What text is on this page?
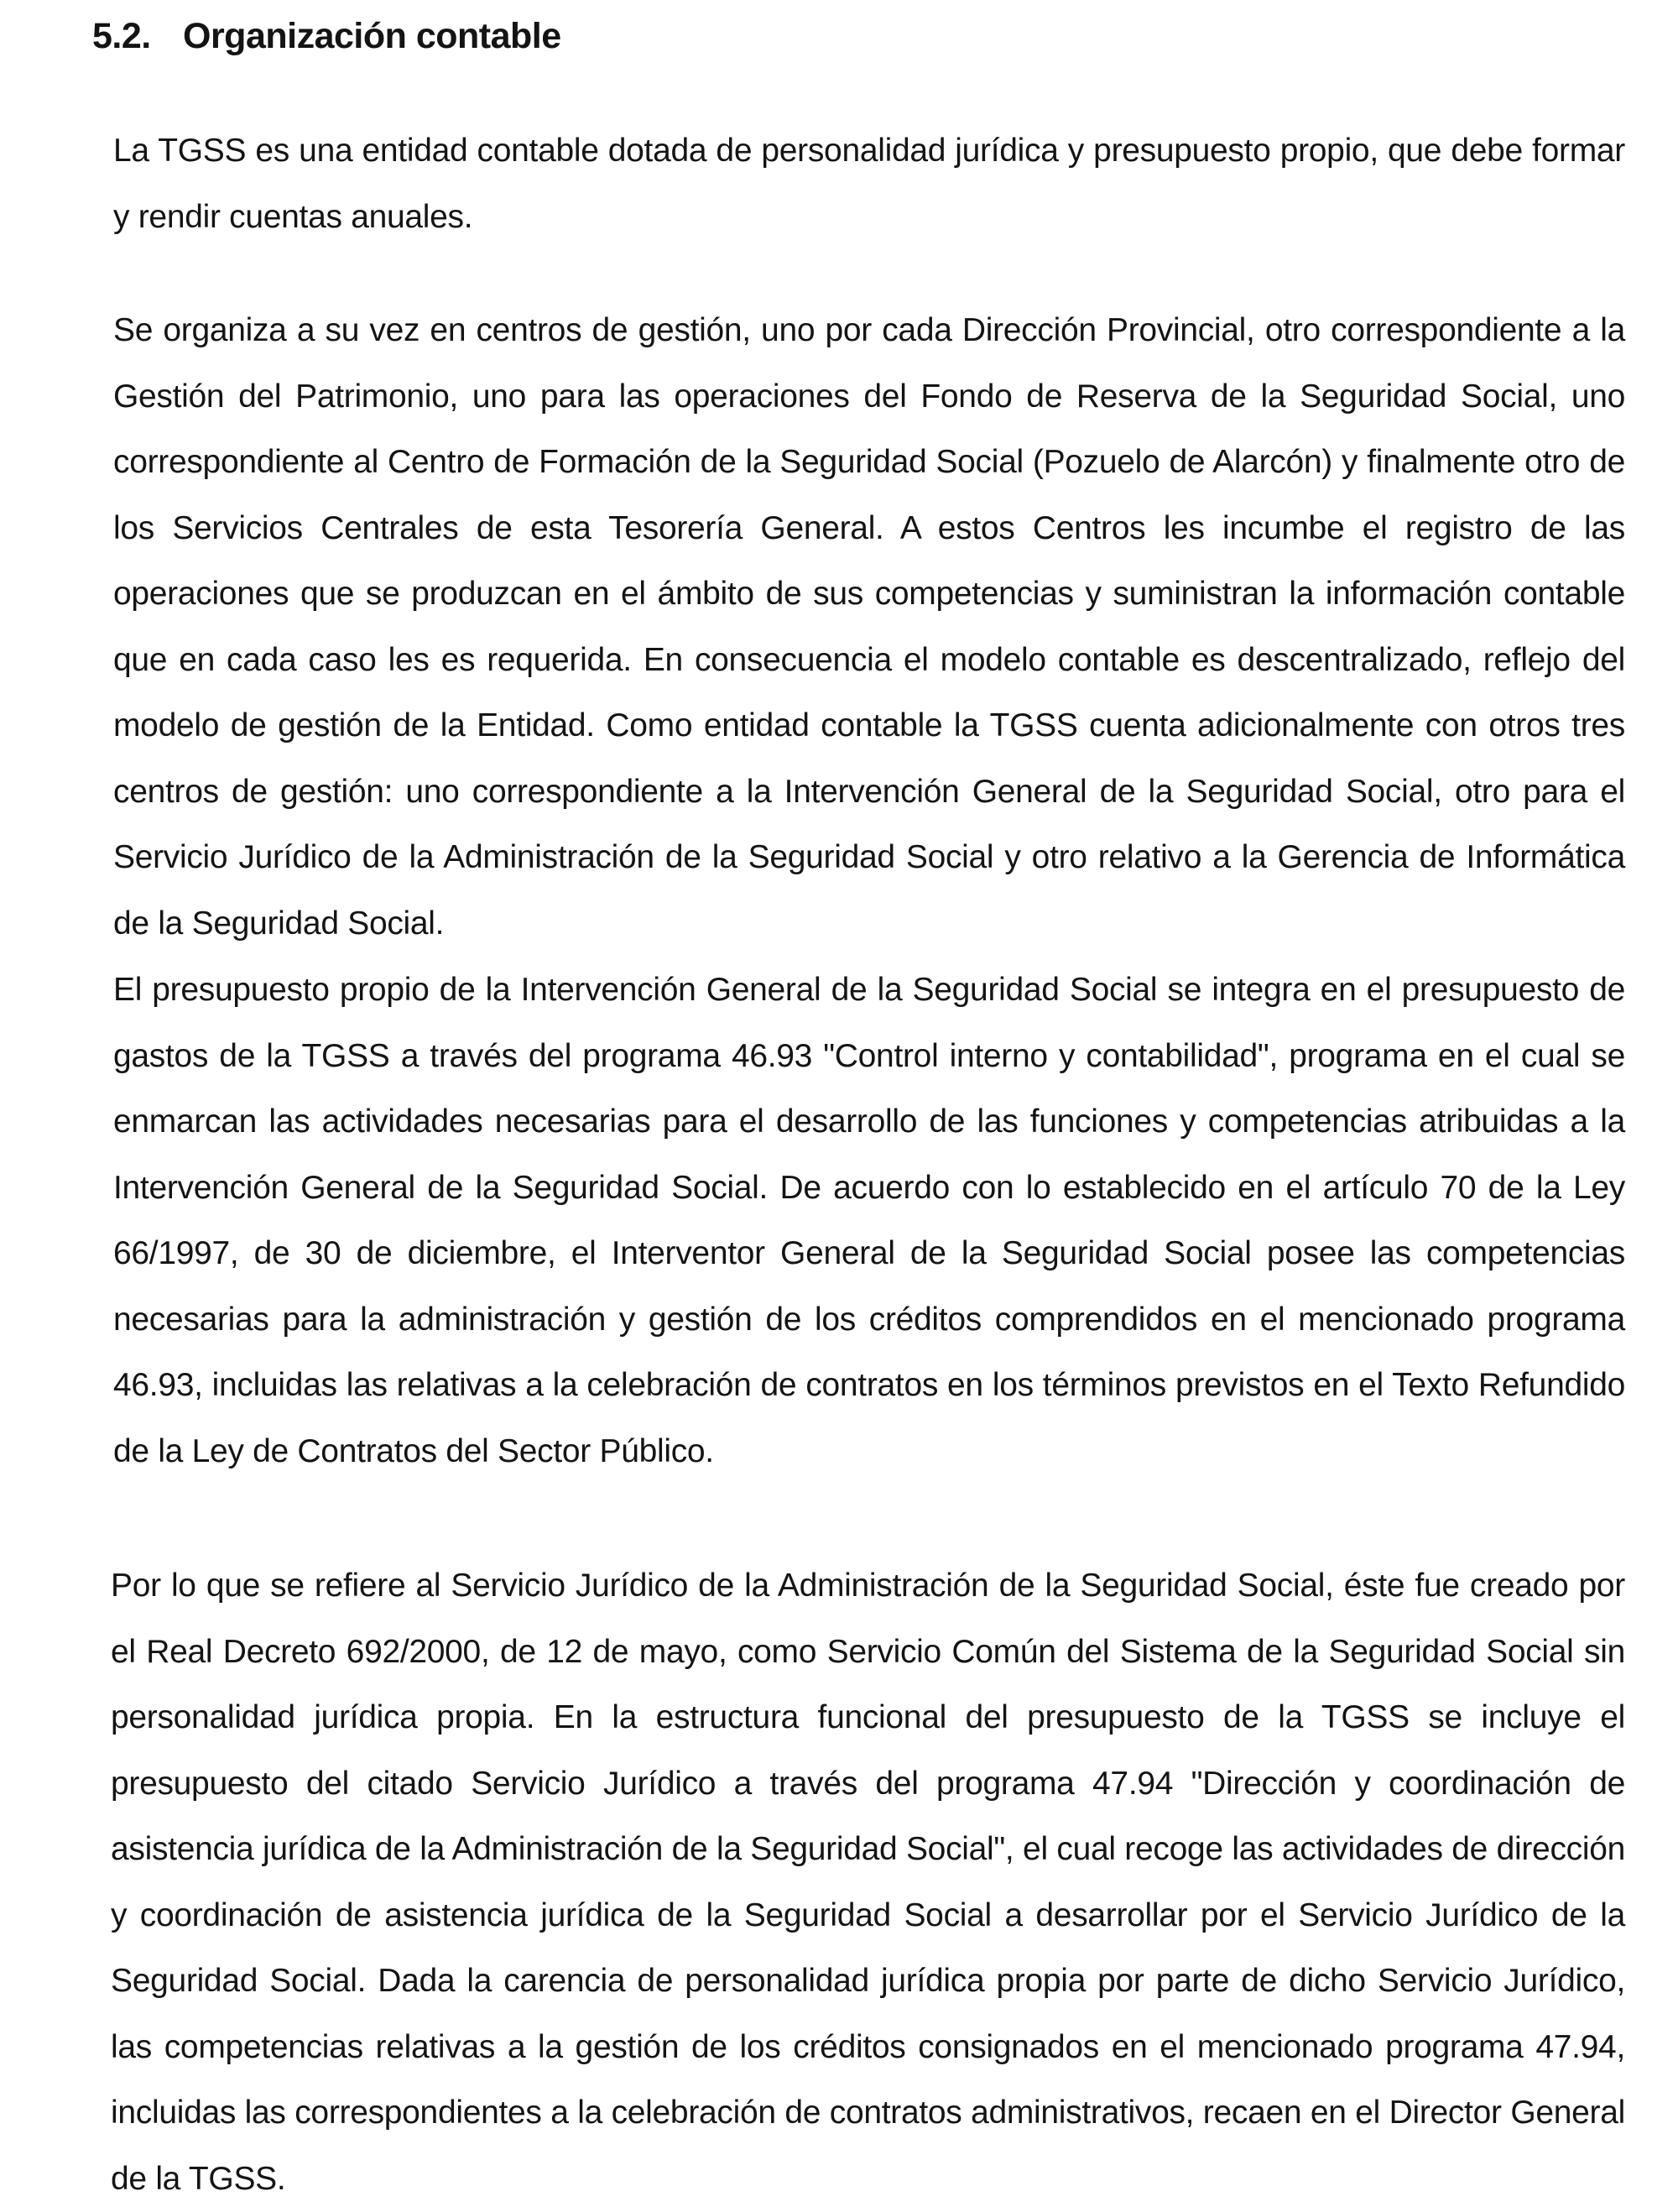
5.2. Organización contable

La TGSS es una entidad contable dotada de personalidad jurídica y presupuesto propio, que debe formar y rendir cuentas anuales.

Se organiza a su vez en centros de gestión, uno por cada Dirección Provincial, otro correspondiente a la Gestión del Patrimonio, uno para las operaciones del Fondo de Reserva de la Seguridad Social, uno correspondiente al Centro de Formación de la Seguridad Social (Pozuelo de Alarcón) y finalmente otro de los Servicios Centrales de esta Tesorería General. A estos Centros les incumbe el registro de las operaciones que se produzcan en el ámbito de sus competencias y suministran la información contable que en cada caso les es requerida. En consecuencia el modelo contable es descentralizado, reflejo del modelo de gestión de la Entidad. Como entidad contable la TGSS cuenta adicionalmente con otros tres centros de gestión: uno correspondiente a la Intervención General de la Seguridad Social, otro para el Servicio Jurídico de la Administración de la Seguridad Social y otro relativo a la Gerencia de Informática de la Seguridad Social.

El presupuesto propio de la Intervención General de la Seguridad Social se integra en el presupuesto de gastos de la TGSS a través del programa 46.93 "Control interno y contabilidad", programa en el cual se enmarcan las actividades necesarias para el desarrollo de las funciones y competencias atribuidas a la Intervención General de la Seguridad Social. De acuerdo con lo establecido en el artículo 70 de la Ley 66/1997, de 30 de diciembre, el Interventor General de la Seguridad Social posee las competencias necesarias para la administración y gestión de los créditos comprendidos en el mencionado programa 46.93, incluidas las relativas a la celebración de contratos en los términos previstos en el Texto Refundido de la Ley de Contratos del Sector Público.

Por lo que se refiere al Servicio Jurídico de la Administración de la Seguridad Social, éste fue creado por el Real Decreto 692/2000, de 12 de mayo, como Servicio Común del Sistema de la Seguridad Social sin personalidad jurídica propia. En la estructura funcional del presupuesto de la TGSS se incluye el presupuesto del citado Servicio Jurídico a través del programa 47.94 "Dirección y coordinación de asistencia jurídica de la Administración de la Seguridad Social", el cual recoge las actividades de dirección y coordinación de asistencia jurídica de la Seguridad Social a desarrollar por el Servicio Jurídico de la Seguridad Social. Dada la carencia de personalidad jurídica propia por parte de dicho Servicio Jurídico, las competencias relativas a la gestión de los créditos consignados en el mencionado programa 47.94, incluidas las correspondientes a la celebración de contratos administrativos, recaen en el Director General de la TGSS.
